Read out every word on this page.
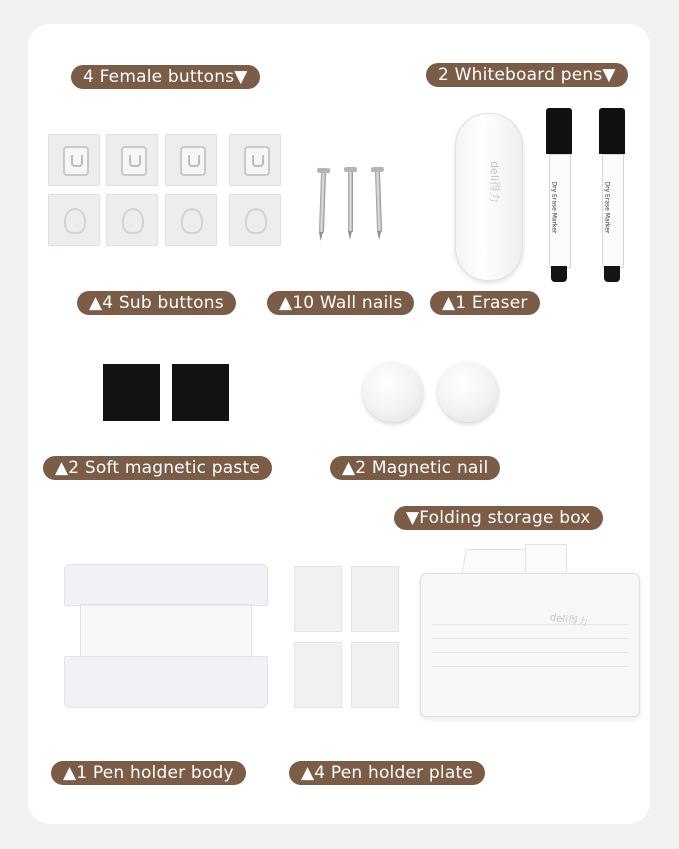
4 Female buttons▼	2 Whiteboard pens▼
▲4 Sub buttons	▲10 Wall nails	▲1 Eraser
▲2 Soft magnetic paste	▲2 Magnetic nail
▼Folding storage box
▲1 Pen holder body	▲4 Pen holder plate
deli得力	Dry Erase Marker	Dry Erase Marker
deli得力
